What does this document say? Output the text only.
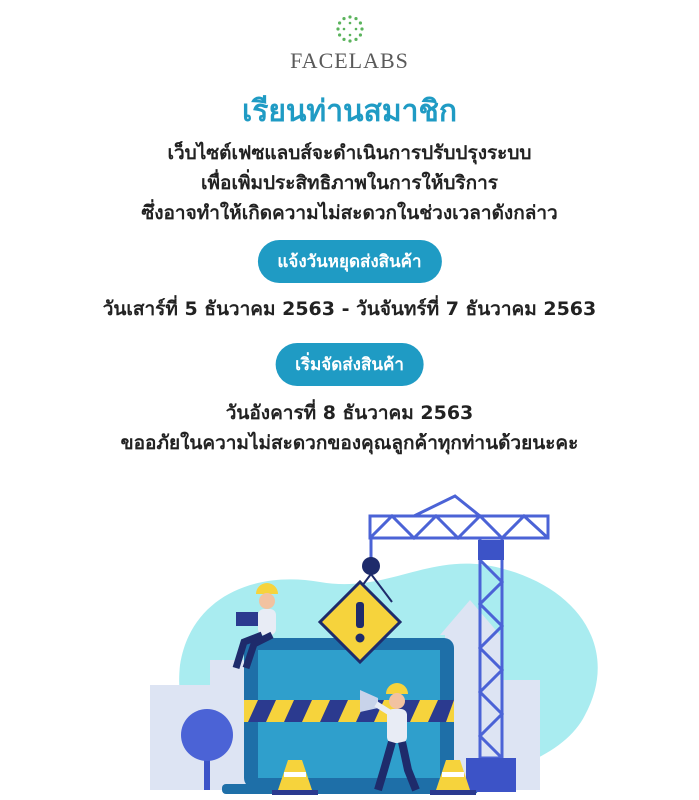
FACELABS
เรียนท่านสมาชิก
เว็บไซต์เฟซแลบส์จะดำเนินการปรับปรุงระบบ
เพื่อเพิ่มประสิทธิภาพในการให้บริการ
ซึ่งอาจทำให้เกิดความไม่สะดวกในช่วงเวลาดังกล่าว
แจ้งวันหยุดส่งสินค้า
วันเสาร์ที่ 5 ธันวาคม 2563 - วันจันทร์ที่ 7 ธันวาคม 2563
เริ่มจัดส่งสินค้า
วันอังคารที่ 8 ธันวาคม 2563
ขออภัยในความไม่สะดวกของคุณลูกค้าทุกท่านด้วยนะคะ
